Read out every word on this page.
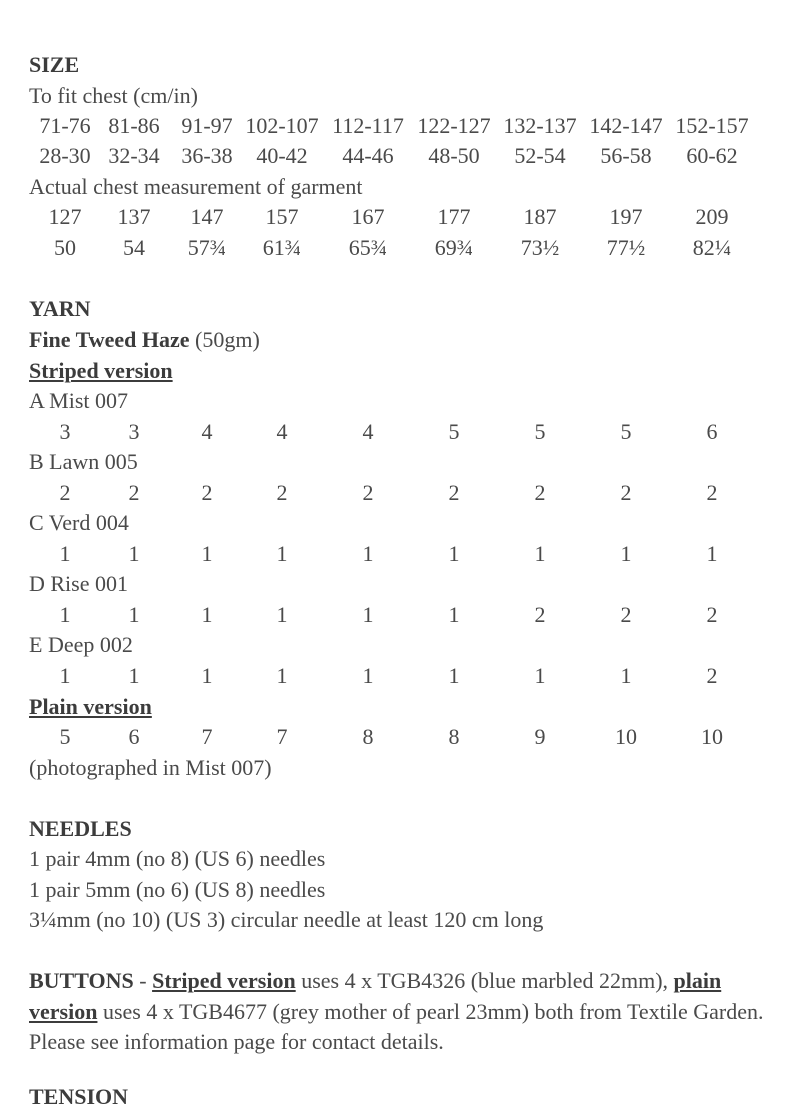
SIZE
To fit chest (cm/in)
71-76 81-86 91-97 102-107 112-117 122-127 132-137 142-147 152-157
28-30 32-34 36-38	40-42	44-46	48-50	52-54	56-58	60-62
Actual chest measurement of garment
127	137	147	157	167	177	187	197	209
50	54	57¾	61¾	65¾	69¾	73½	77½	82¼
YARN
Fine Tweed Haze (50gm)
Striped version
A Mist 007
3	3	4	4	4	5	5	5	6
B Lawn 005
2	2	2	2	2	2	2	2	2
C Verd 004
1	1	1	1	1	1	1	1	1
D Rise 001
1	1	1	1	1	1	2	2	2
E Deep 002
1	1	1	1	1	1	1	1	2
Plain version
5	6	7	7	8	8	9	10	10
(photographed in Mist 007)
NEEDLES
1 pair 4mm (no 8) (US 6) needles
1 pair 5mm (no 6) (US 8) needles
3¼mm (no 10) (US 3) circular needle at least 120 cm long
BUTTONS - Striped version uses 4 x TGB4326 (blue marbled 22mm), plain version uses 4 x TGB4677 (grey mother of pearl 23mm) both from Textile Garden. Please see information page for contact details.
TENSION
